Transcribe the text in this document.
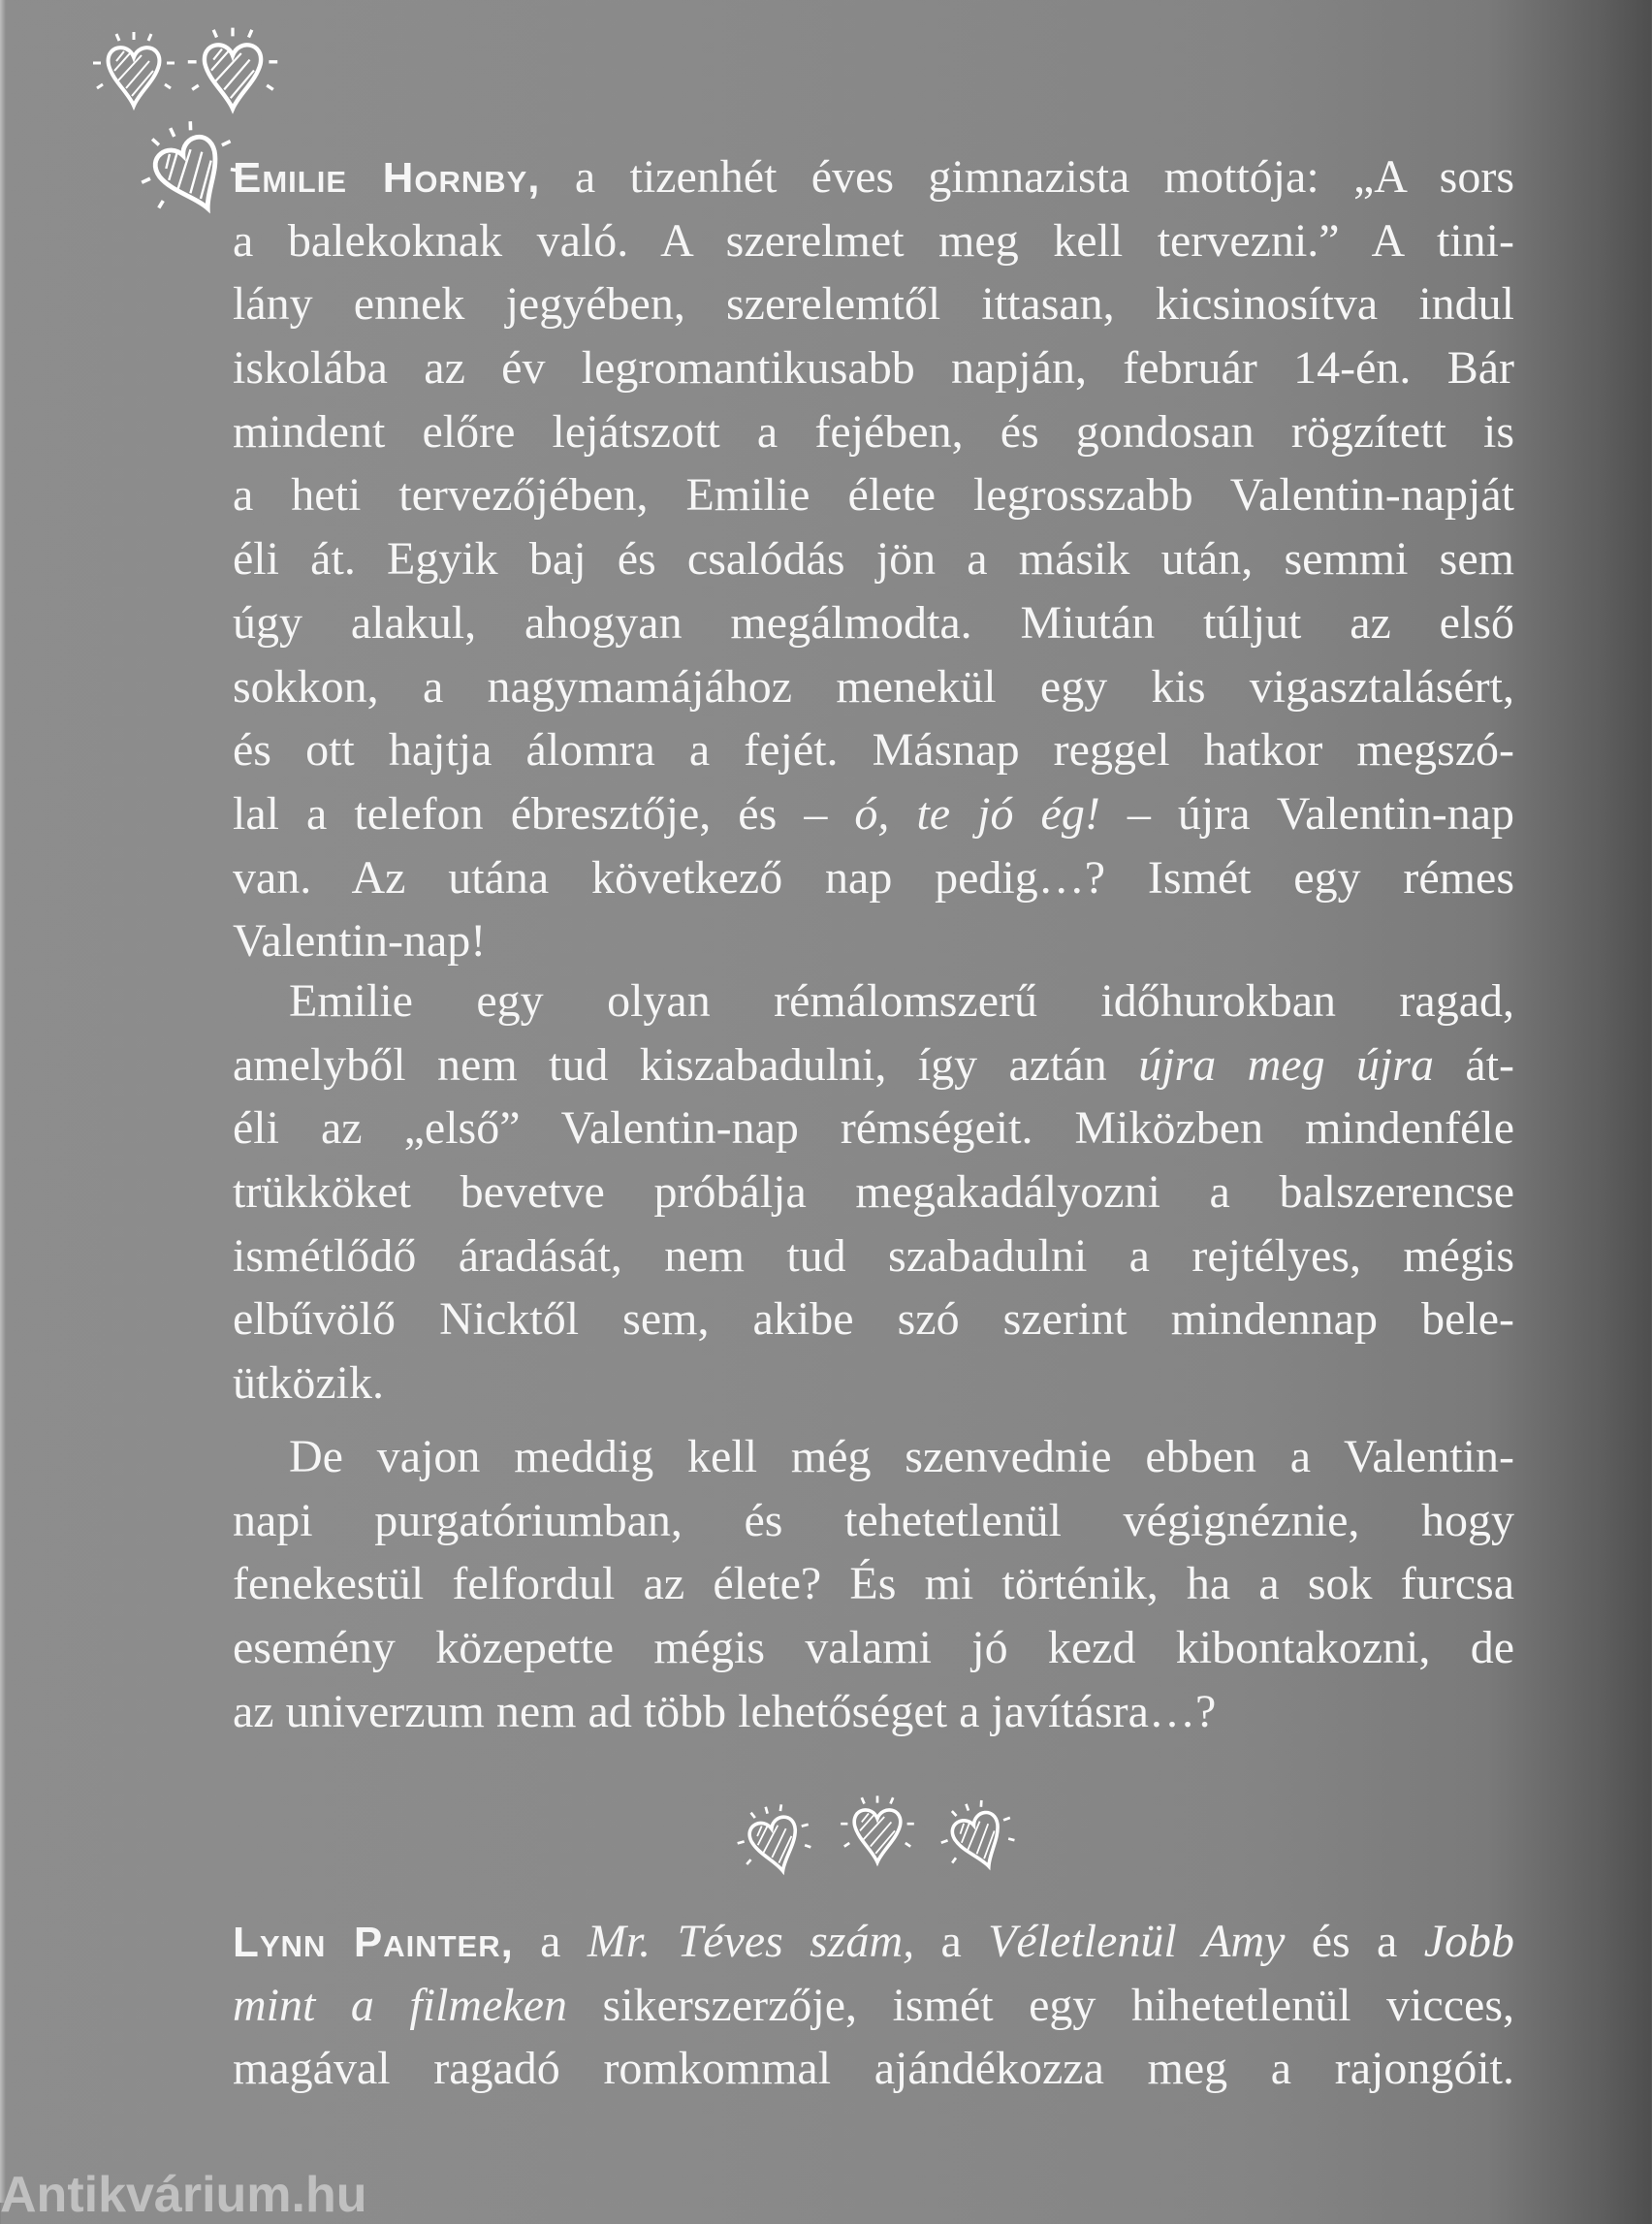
Emilie Hornby, a tizenhét éves gimnazista mottója: „A sors
a balekoknak való. A szerelmet meg kell tervezni.” A tini-
lány ennek jegyében, szerelemtől ittasan, kicsinosítva indul
iskolába az év legromantikusabb napján, február 14-én. Bár
mindent előre lejátszott a fejében, és gondosan rögzített is
a heti tervezőjében, Emilie élete legrosszabb Valentin-napját
éli át. Egyik baj és csalódás jön a másik után, semmi sem
úgy alakul, ahogyan megálmodta. Miután túljut az első
sokkon, a nagymamájához menekül egy kis vigasztalásért,
és ott hajtja álomra a fejét. Másnap reggel hatkor megszó-
lal a telefon ébresztője, és – ó, te jó ég! – újra Valentin-nap
van. Az utána következő nap pedig…? Ismét egy rémes
Valentin-nap!
Emilie egy olyan rémálomszerű időhurokban ragad,
amelyből nem tud kiszabadulni, így aztán újra meg újra át-
éli az „első” Valentin-nap rémségeit. Miközben mindenféle
trükköket bevetve próbálja megakadályozni a balszerencse
ismétlődő áradását, nem tud szabadulni a rejtélyes, mégis
elbűvölő Nicktől sem, akibe szó szerint mindennap bele-
ütközik.
De vajon meddig kell még szenvednie ebben a Valentin-
napi purgatóriumban, és tehetetlenül végignéznie, hogy
fenekestül felfordul az élete? És mi történik, ha a sok furcsa
esemény közepette mégis valami jó kezd kibontakozni, de
az univerzum nem ad több lehetőséget a javításra…?
Lynn Painter, a Mr. Téves szám, a Véletlenül Amy és a Jobb
mint a filmeken sikerszerzője, ismét egy hihetetlenül vicces,
magával ragadó romkommal ajándékozza meg a rajongóit.
Antikvárium.hu
